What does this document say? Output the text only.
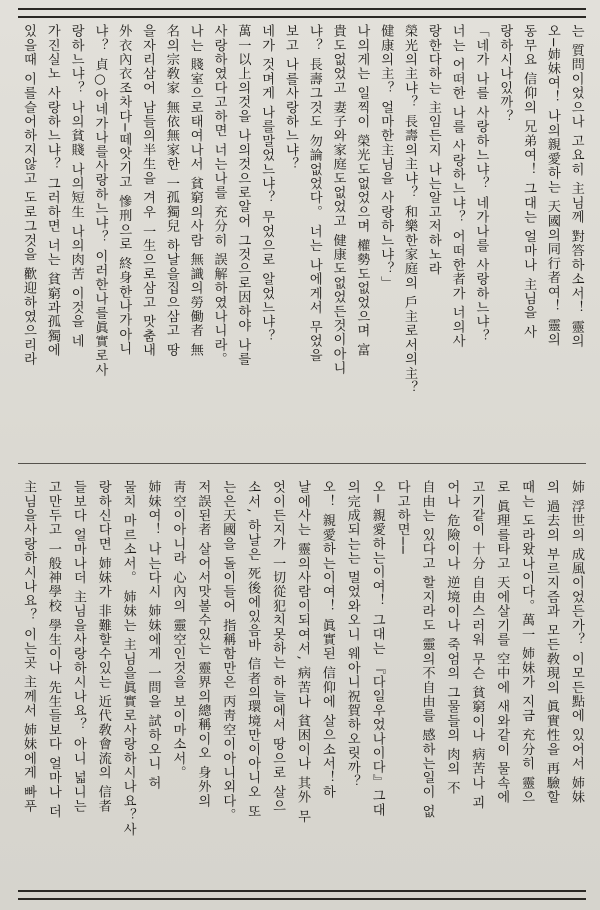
는 質問이었으나 고요히 主님께 對答하소서！ 靈의
오─姉妹여！ 나의親愛하는 天國의同行者여！ 靈의
동무요 信仰의 兄弟여！ 그대는 얼마나 主님을 사
랑하시나있까？
「네가 나를 사랑하느냐？ 네가나를 사랑하느냐？
너는 어떠한 나를 사랑하느냐？ 어떠한者가 너의사
랑한다하는 主임든지 나는알고저하노라
榮光의主냐？ 長壽의主냐？ 和樂한家庭의 戶主로서의主？
健康의主？ 얼마한主님을 사랑하느냐？」
나의게는 일찍이 榮光도없었으며 權勢도없었으며 富
貴도없었고 妻子와家庭도없었고 健康도없었든것이아니
냐？ 長壽그것도 勿論없었다。 너는 나에게서 무었을
보고 나를사랑하느냐？
네가 것며게 나를말었느냐？ 무었으로 알었느냐？
萬一以上의것을 나의것으로알어 그것으로因하야 나를
사랑하였다고하면 너는나를 充分히 誤解하였나니라。
나는 賤室으로태여나서 貧窮의사람 無識의勞働者 無
名의宗敎家 無依無家한 一孤獨兒 하날을집으삼고 땅
을자리삼어 남들의半生을 겨우 一生으로삼고 맛춤내
外衣內衣조차다─떼앗기고 慘刑으로 終身한나가아니
냐？ 貞○아네가나를사랑하느냐？ 이러한나를眞實로사
랑하느냐？ 나의貧賤 나의短生 나의肉苦 이것을 네
가진실노 사랑하느냐？ 그러하면 너는 貧窮과孤獨에
있을때 이를슬어하지않고 도로그것을 歡迎하였으리라
姉 浮世의 成風이었든가？ 이모든點에 있어서 姉妹
의 過去의 부르지즘과 모든敎現의 眞實性을 再驗할
때는 도라왔나이다。萬一 姉妹가 지금 充分히 靈으
로 眞理를타고 天에살기를 空中에 새와같이 물속에
고기같이 十分 自由스러워 무슨 貧窮이나 病苦나 괴
어나 危險이나 逆境이나 죽엄의 그물들의 肉의 不
自由는 있다고 할지라도 靈의不自由를 感하는일이 없
다고하면──
오─ 親愛하는이여！ 그대는 『다일우었나이다』그대
의完成되는는 멀었와오니 웨아니祝賀하오릿까？
오！ 親愛하는이여！ 眞實된 信仰에 살으소서！하
날에사는 靈의사람이되여서, 病苦나 貧困이나 其外 무
엇이든지가 一切從犯치못하는 하늘에서 땅으로 살으
소서, 하날은 死後에있음바 信者의環境만이아니오 또
는은天國을 돌이들어 指稱함만은 丙靑空이아니외다。
저誤된者 살어서맛볼수있는 靈界의總稱이오 身外의
靑空이아니라 心內의 靈空인것을 보이마소서。
姉妹여！ 나는다시 姉妹에게 一問을 試하오니 허
물치 마르소서。 姉妹는 主님을眞實로사랑하시나요？사
랑하신다면 姉妹가 非難할수있는 近代敎會流의 信者
들보다 얼마나더 主님을사랑하시나요？ 아니 넓니는
고만두고 一般神學校 學生이나 先生들보다 얼마나 더
主님을사랑하시나요？ 이는곳 主께서 姉妹에게 빠푸
